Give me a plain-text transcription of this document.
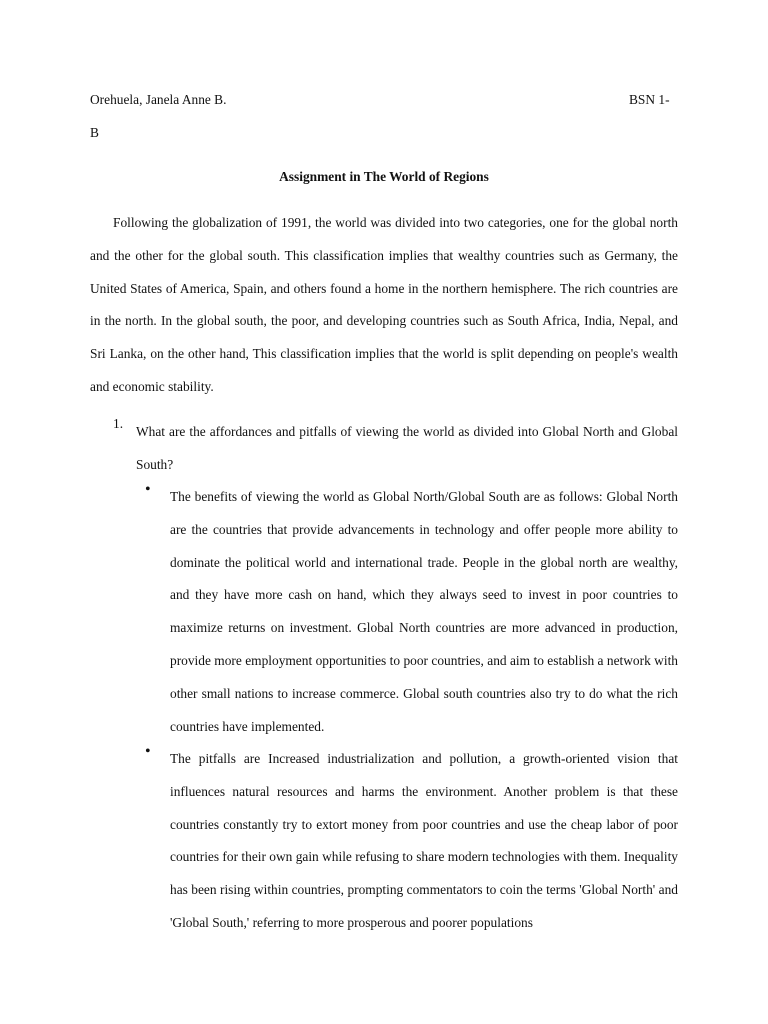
Orehuela, Janela Anne B.	BSN 1-
B
Assignment in The World of Regions

Following the globalization of 1991, the world was divided into two categories, one for the global north and the other for the global south. This classification implies that wealthy countries such as Germany, the United States of America, Spain, and others found a home in the northern hemisphere. The rich countries are in the north. In the global south, the poor, and developing countries such as South Africa, India, Nepal, and Sri Lanka, on the other hand, This classification implies that the world is split depending on people's wealth and economic stability.

1.

What are the affordances and pitfalls of viewing the world as divided into Global North and Global South?

• The benefits of viewing the world as Global North/Global South are as follows: Global North are the countries that provide advancements in technology and offer people more ability to dominate the political world and international trade. People in the global north are wealthy, and they have more cash on hand, which they always seed to invest in poor countries to maximize returns on investment. Global North countries are more advanced in production, provide more employment opportunities to poor countries, and aim to establish a network with other small nations to increase commerce. Global south countries also try to do what the rich countries have implemented.

• The pitfalls are Increased industrialization and pollution, a growth-oriented vision that influences natural resources and harms the environment. Another problem is that these countries constantly try to extort money from poor countries and use the cheap labor of poor countries for their own gain while refusing to share modern technologies with them. Inequality has been rising within countries, prompting commentators to coin the terms 'Global North' and 'Global South,' referring to more prosperous and poorer populations
